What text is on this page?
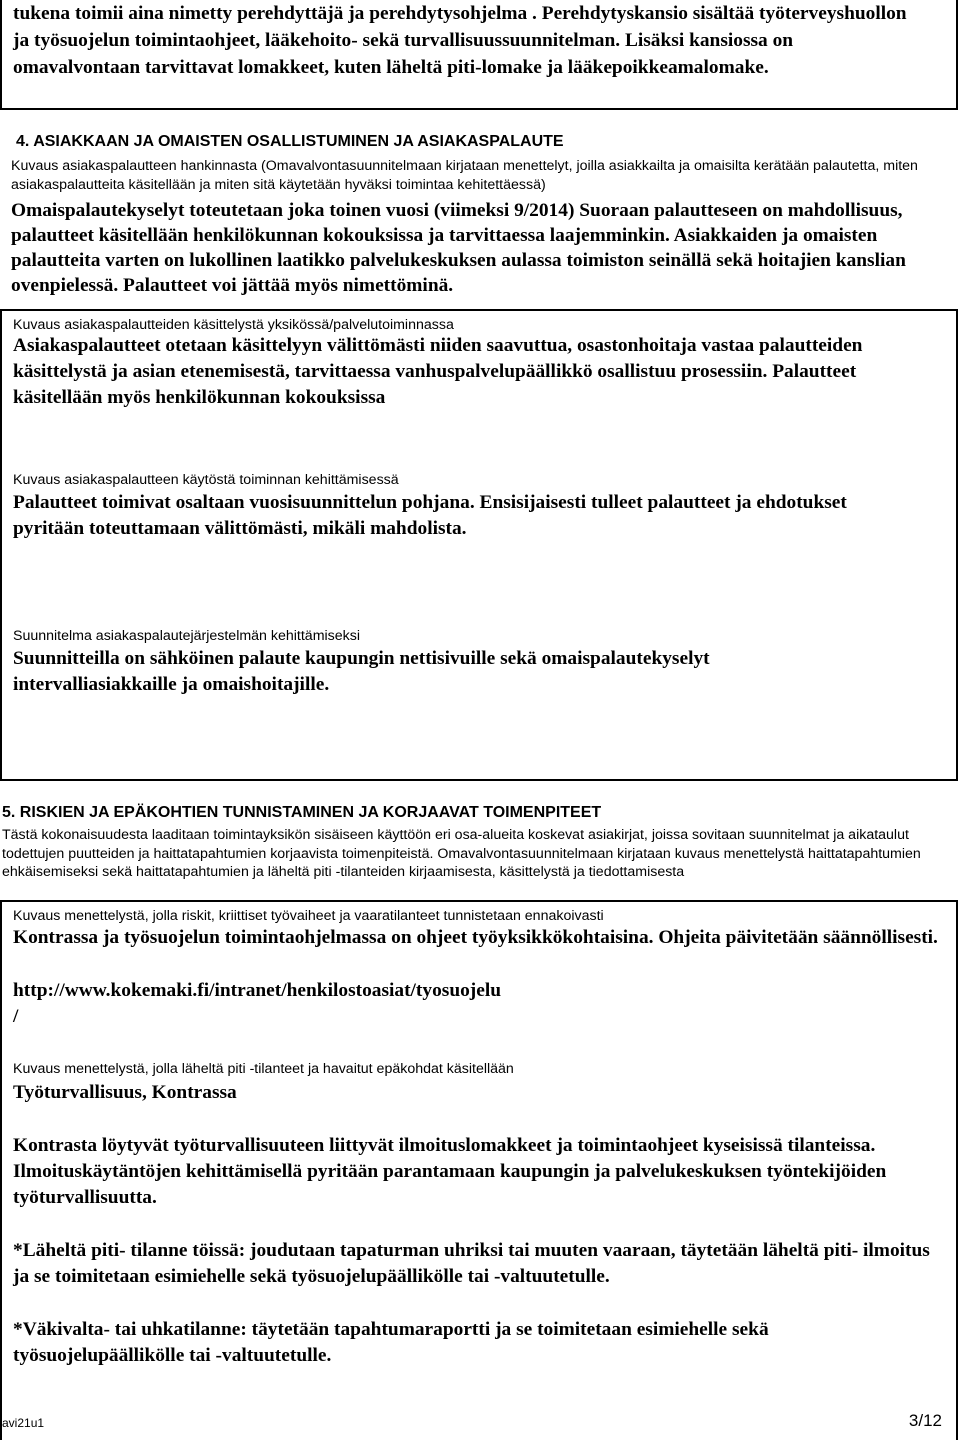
tukena toimii aina nimetty perehdyttäjä ja perehdytysohjelma . Perehdytyskansio sisältää työterveyshuollon ja työsuojelun toimintaohjeet, lääkehoito- sekä turvallisuussuunnitelman. Lisäksi kansiossa on omavalvontaan tarvittavat lomakkeet, kuten läheltä piti-lomake ja lääkepoikkeamalomake.
4. ASIAKKAAN JA OMAISTEN OSALLISTUMINEN JA ASIAKASPALAUTE
Kuvaus asiakaspalautteen hankinnasta (Omavalvontasuunnitelmaan kirjataan menettelyt, joilla asiakkailta ja omaisilta kerätään palautetta, miten asiakaspalautteita käsitellään ja miten sitä käytetään hyväksi toimintaa kehitettäessä)
Omaispalautekyselyt toteutetaan joka toinen vuosi (viimeksi 9/2014) Suoraan palautteseen on mahdollisuus, palautteet käsitellään henkilökunnan kokouksissa ja tarvittaessa laajemminkin. Asiakkaiden ja omaisten palautteita varten on lukollinen laatikko palvelukeskuksen aulassa toimiston seinällä sekä hoitajien kanslian ovenpielessä. Palautteet voi jättää myös nimettöminä.
Kuvaus asiakaspalautteiden käsittelystä yksikössä/palvelutoiminnassa
Asiakaspalautteet otetaan käsittelyyn välittömästi niiden saavuttua, osastonhoitaja vastaa palautteiden käsittelystä ja asian etenemisestä, tarvittaessa vanhuspalvelupäällikkö osallistuu prosessiin. Palautteet käsitellään myös henkilökunnan kokouksissa
Kuvaus asiakaspalautteen käytöstä toiminnan kehittämisessä
Palautteet toimivat osaltaan vuosisuunnittelun pohjana. Ensisijaisesti tulleet palautteet ja ehdotukset pyritään toteuttamaan välittömästi, mikäli mahdolista.
Suunnitelma asiakaspalautejärjestelmän kehittämiseksi
Suunnitteilla on sähköinen palaute kaupungin nettisivuille sekä omaispalautekyselyt intervalliasiakkaille ja omaishoitajille.
5. RISKIEN JA EPÄKOHTIEN TUNNISTAMINEN JA KORJAAVAT TOIMENPITEET
Tästä kokonaisuudesta laaditaan toimintayksikön sisäiseen käyttöön eri osa-alueita koskevat asiakirjat, joissa sovitaan suunnitelmat ja aikataulut todettujen puutteiden ja haittatapahtumien korjaavista toimenpiteistä. Omavalvontasuunnitelmaan kirjataan kuvaus menettelystä haittatapahtumien ehkäisemiseksi sekä haittatapahtumien ja läheltä piti -tilanteiden kirjaamisesta, käsittelystä ja tiedottamisesta
Kuvaus menettelystä, jolla riskit, kriittiset työvaiheet ja vaaratilanteet tunnistetaan ennakoivasti
Kontrassa ja työsuojelun toimintaohjelmassa on ohjeet työyksikkökohtaisina. Ohjeita päivitetään säännöllisesti.
http://www.kokemaki.fi/intranet/henkilostoasiat/tyosuojelu
/
Kuvaus menettelystä, jolla läheltä piti -tilanteet ja havaitut epäkohdat käsitellään
Työturvallisuus, Kontrassa
Kontrasta löytyvät työturvallisuuteen liittyvät ilmoituslomakkeet ja toimintaohjeet kyseisissä tilanteissa. Ilmoituskäytäntöjen kehittämisellä pyritään parantamaan kaupungin ja palvelukeskuksen työntekijöiden työturvallisuutta.
*Läheltä piti- tilanne töissä: joudutaan tapaturman uhriksi tai muuten vaaraan, täytetään läheltä piti- ilmoitus ja se toimitetaan esimiehelle sekä työsuojelupäällikölle tai -valtuutetulle.
*Väkivalta- tai uhkatilanne: täytetään tapahtumaraportti ja se toimitetaan esimiehelle sekä työsuojelupäällikölle tai -valtuutetulle.
avi21u1	3/12
